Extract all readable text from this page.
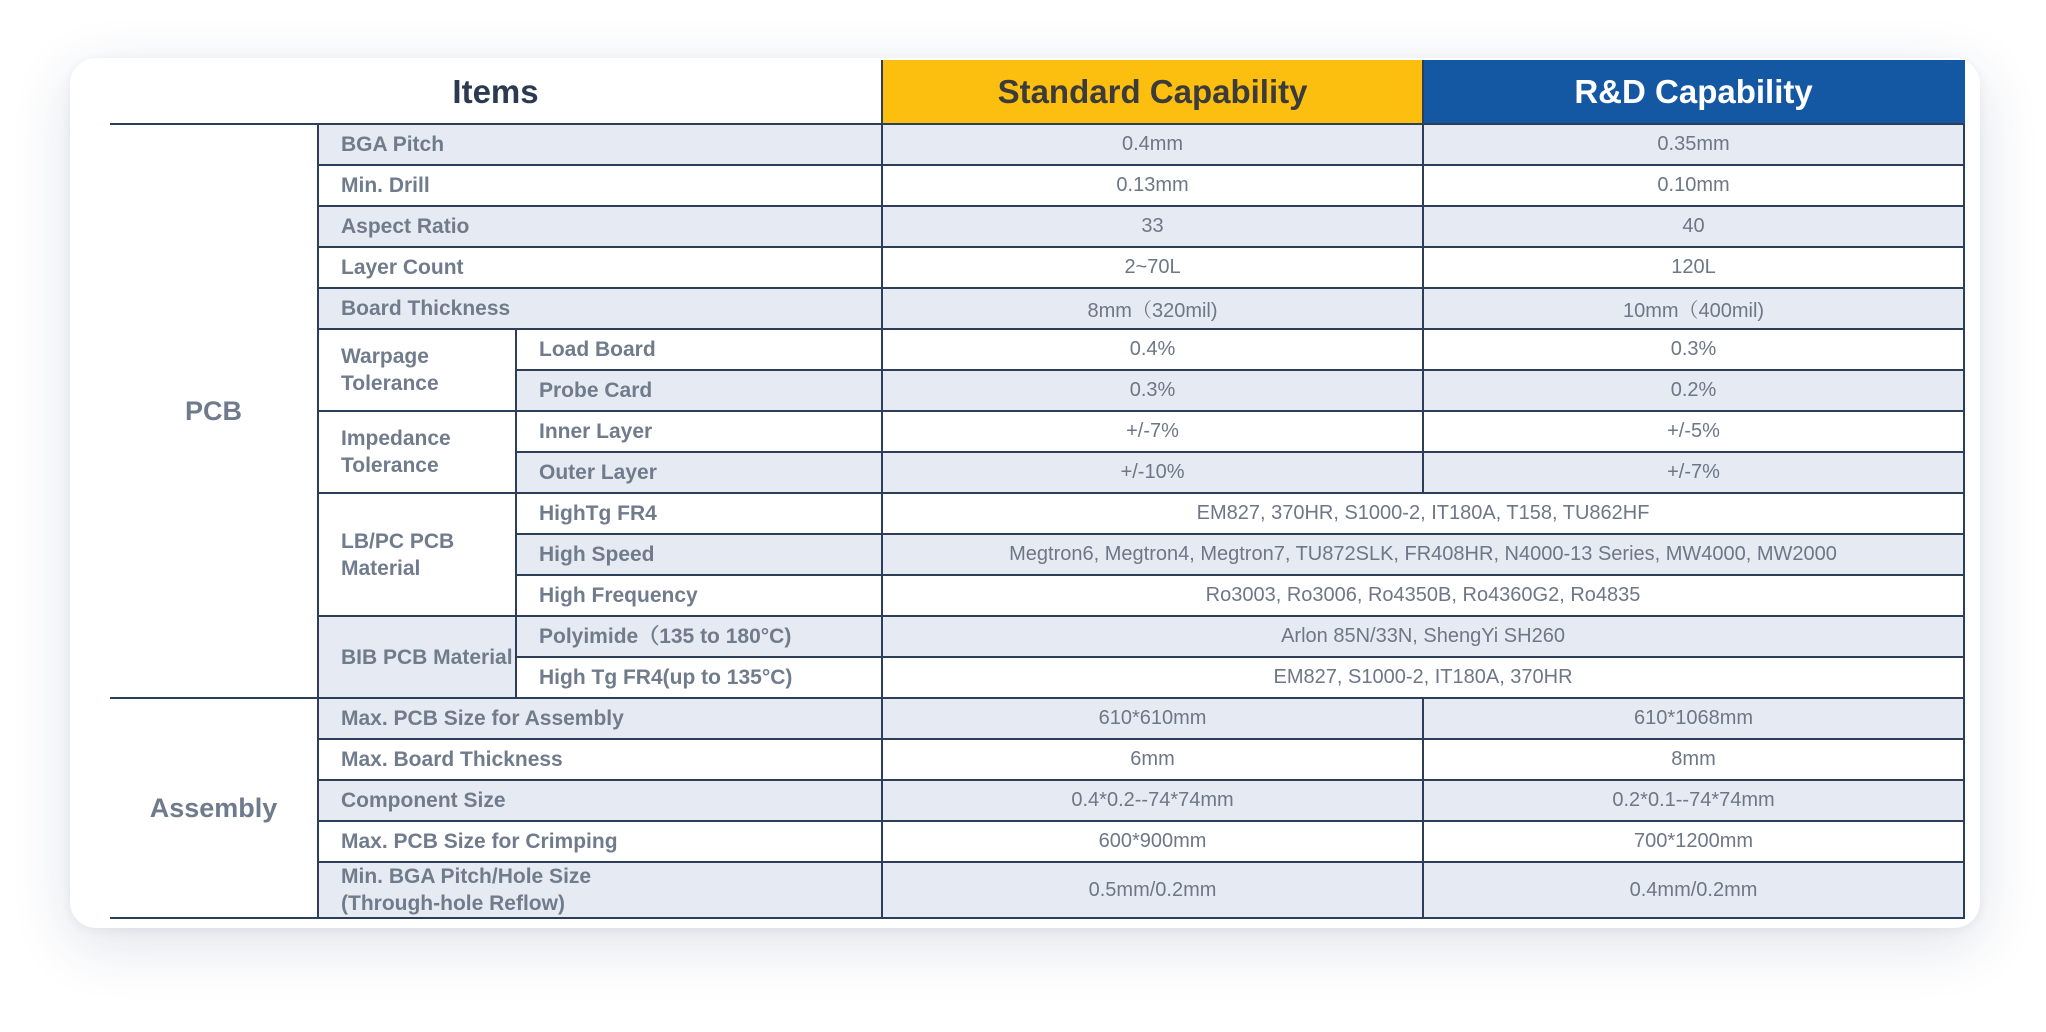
Items			Standard Capability	R&D Capability
PCB	BGA Pitch		0.4mm	0.35mm
	Min. Drill		0.13mm	0.10mm
	Aspect Ratio		33	40
	Layer Count		2~70L	120L
	Board Thickness		8mm（320mil)	10mm（400mil)
	Warpage Tolerance	Load Board	0.4%	0.3%
		Probe Card	0.3%	0.2%
	Impedance Tolerance	Inner Layer	+/-7%	+/-5%
		Outer Layer	+/-10%	+/-7%
	LB/PC PCB Material	HighTg FR4	EM827, 370HR, S1000-2, IT180A, T158, TU862HF	
		High Speed	Megtron6, Megtron4, Megtron7, TU872SLK, FR408HR, N4000-13 Series, MW4000, MW2000	
		High Frequency	Ro3003, Ro3006, Ro4350B, Ro4360G2, Ro4835	
	BIB PCB Material	Polyimide（135 to 180°C)	Arlon 85N/33N, ShengYi SH260	
		High Tg FR4(up to 135°C)	EM827, S1000-2, IT180A, 370HR	
Assembly	Max. PCB Size for Assembly		610*610mm	610*1068mm
	Max. Board Thickness		6mm	8mm
	Component Size		0.4*0.2--74*74mm	0.2*0.1--74*74mm
	Max. PCB Size for Crimping		600*900mm	700*1200mm
	Min. BGA Pitch/Hole Size (Through-hole Reflow)		0.5mm/0.2mm	0.4mm/0.2mm
